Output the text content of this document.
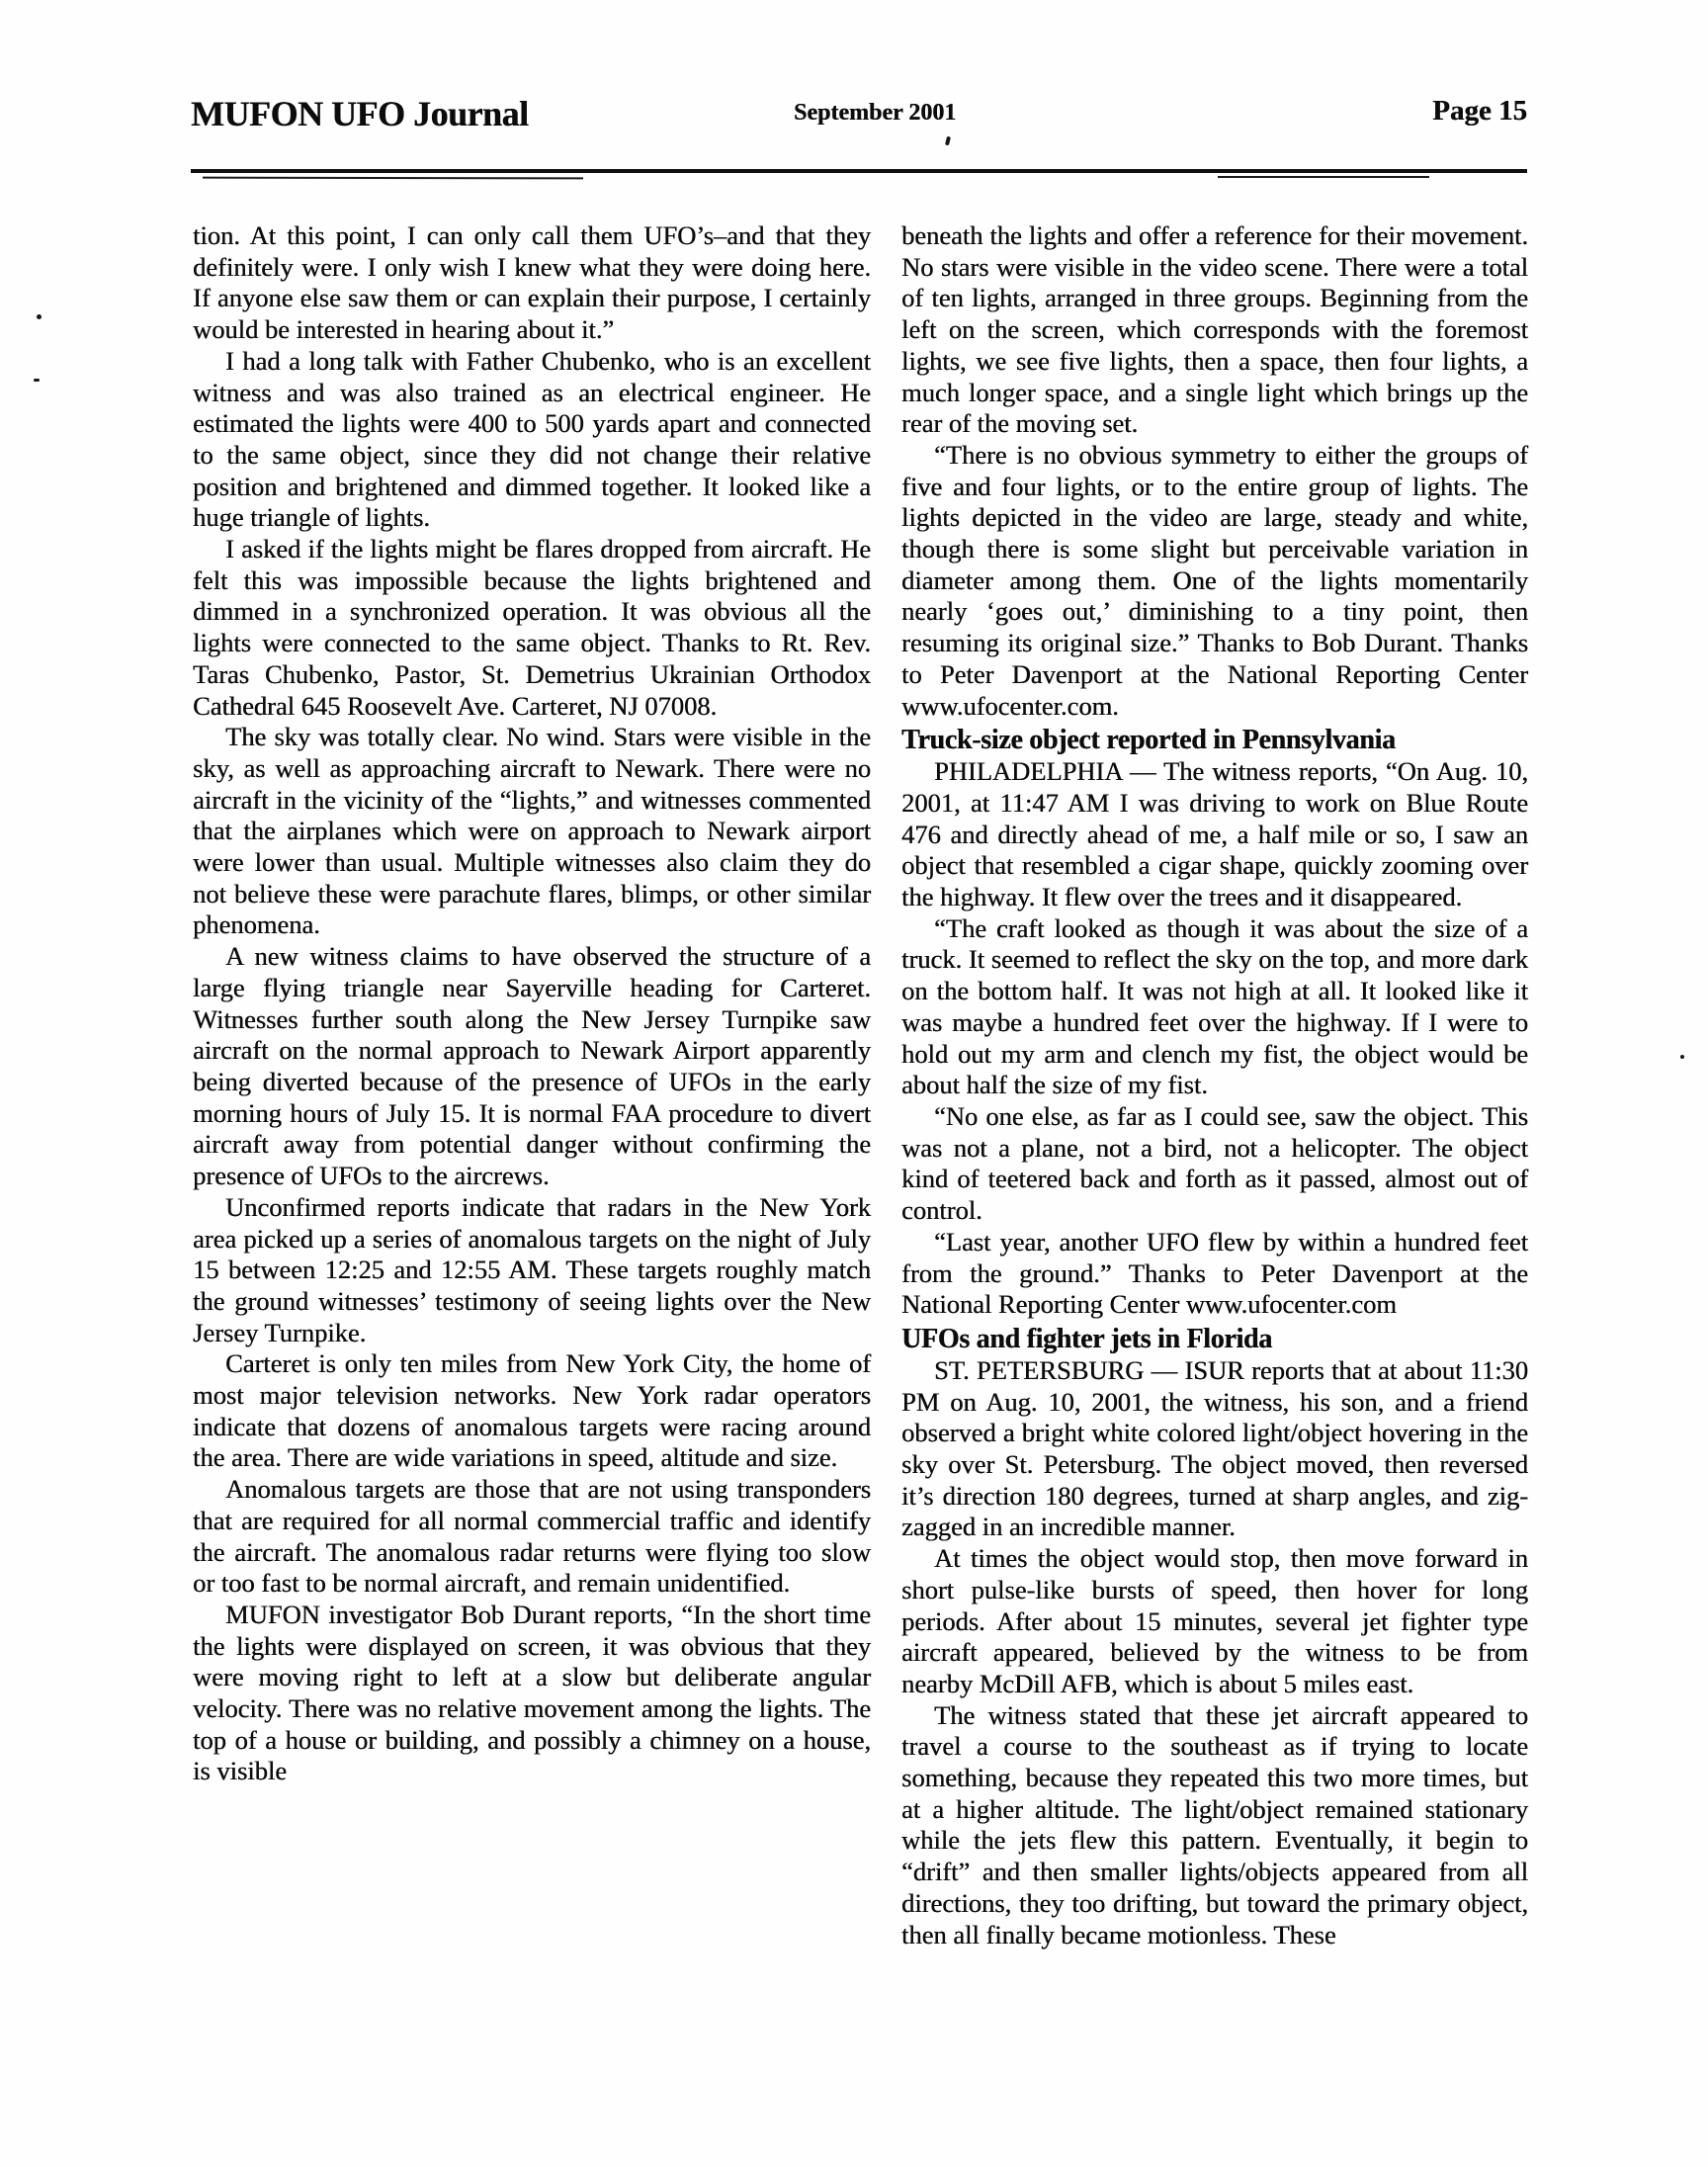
MUFON UFO Journal	September 2001	Page 15

tion. At this point, I can only call them UFO’s–and that they definitely were. I only wish I knew what they were doing here. If anyone else saw them or can explain their purpose, I certainly would be interested in hearing about it.”

I had a long talk with Father Chubenko, who is an excellent witness and was also trained as an electrical engineer. He estimated the lights were 400 to 500 yards apart and connected to the same object, since they did not change their relative position and brightened and dimmed together. It looked like a huge triangle of lights.

I asked if the lights might be flares dropped from aircraft. He felt this was impossible because the lights brightened and dimmed in a synchronized operation. It was obvious all the lights were connected to the same object. Thanks to Rt. Rev. Taras Chubenko, Pastor, St. Demetrius Ukrainian Orthodox Cathedral 645 Roosevelt Ave. Carteret, NJ 07008.

The sky was totally clear. No wind. Stars were visible in the sky, as well as approaching aircraft to Newark. There were no aircraft in the vicinity of the “lights,” and witnesses commented that the airplanes which were on approach to Newark airport were lower than usual. Multiple witnesses also claim they do not believe these were parachute flares, blimps, or other similar phenomena.

A new witness claims to have observed the structure of a large flying triangle near Sayerville heading for Carteret. Witnesses further south along the New Jersey Turnpike saw aircraft on the normal approach to Newark Airport apparently being diverted because of the presence of UFOs in the early morning hours of July 15. It is normal FAA procedure to divert aircraft away from potential danger without confirming the presence of UFOs to the aircrews.

Unconfirmed reports indicate that radars in the New York area picked up a series of anomalous targets on the night of July 15 between 12:25 and 12:55 AM. These targets roughly match the ground witnesses’ testimony of seeing lights over the New Jersey Turnpike.

Carteret is only ten miles from New York City, the home of most major television networks. New York radar operators indicate that dozens of anomalous targets were racing around the area. There are wide variations in speed, altitude and size.

Anomalous targets are those that are not using transponders that are required for all normal commercial traffic and identify the aircraft. The anomalous radar returns were flying too slow or too fast to be normal aircraft, and remain unidentified.

MUFON investigator Bob Durant reports, “In the short time the lights were displayed on screen, it was obvious that they were moving right to left at a slow but deliberate angular velocity. There was no relative movement among the lights. The top of a house or building, and possibly a chimney on a house, is visible

beneath the lights and offer a reference for their movement. No stars were visible in the video scene. There were a total of ten lights, arranged in three groups. Beginning from the left on the screen, which corresponds with the foremost lights, we see five lights, then a space, then four lights, a much longer space, and a single light which brings up the rear of the moving set.

“There is no obvious symmetry to either the groups of five and four lights, or to the entire group of lights. The lights depicted in the video are large, steady and white, though there is some slight but perceivable variation in diameter among them. One of the lights momentarily nearly ‘goes out,’ diminishing to a tiny point, then resuming its original size.” Thanks to Bob Durant. Thanks to Peter Davenport at the National Reporting Center www.ufocenter.com.

Truck-size object reported in Pennsylvania

PHILADELPHIA — The witness reports, “On Aug. 10, 2001, at 11:47 AM I was driving to work on Blue Route 476 and directly ahead of me, a half mile or so, I saw an object that resembled a cigar shape, quickly zooming over the highway. It flew over the trees and it disappeared.

“The craft looked as though it was about the size of a truck. It seemed to reflect the sky on the top, and more dark on the bottom half. It was not high at all. It looked like it was maybe a hundred feet over the highway. If I were to hold out my arm and clench my fist, the object would be about half the size of my fist.

“No one else, as far as I could see, saw the object. This was not a plane, not a bird, not a helicopter. The object kind of teetered back and forth as it passed, almost out of control.

“Last year, another UFO flew by within a hundred feet from the ground.” Thanks to Peter Davenport at the National Reporting Center www.ufocenter.com

UFOs and fighter jets in Florida

ST. PETERSBURG — ISUR reports that at about 11:30 PM on Aug. 10, 2001, the witness, his son, and a friend observed a bright white colored light/object hovering in the sky over St. Petersburg. The object moved, then reversed it’s direction 180 degrees, turned at sharp angles, and zig-zagged in an incredible manner.

At times the object would stop, then move forward in short pulse-like bursts of speed, then hover for long periods. After about 15 minutes, several jet fighter type aircraft appeared, believed by the witness to be from nearby McDill AFB, which is about 5 miles east.

The witness stated that these jet aircraft appeared to travel a course to the southeast as if trying to locate something, because they repeated this two more times, but at a higher altitude. The light/object remained stationary while the jets flew this pattern. Eventually, it begin to “drift” and then smaller lights/objects appeared from all directions, they too drifting, but toward the primary object, then all finally became motionless. These
